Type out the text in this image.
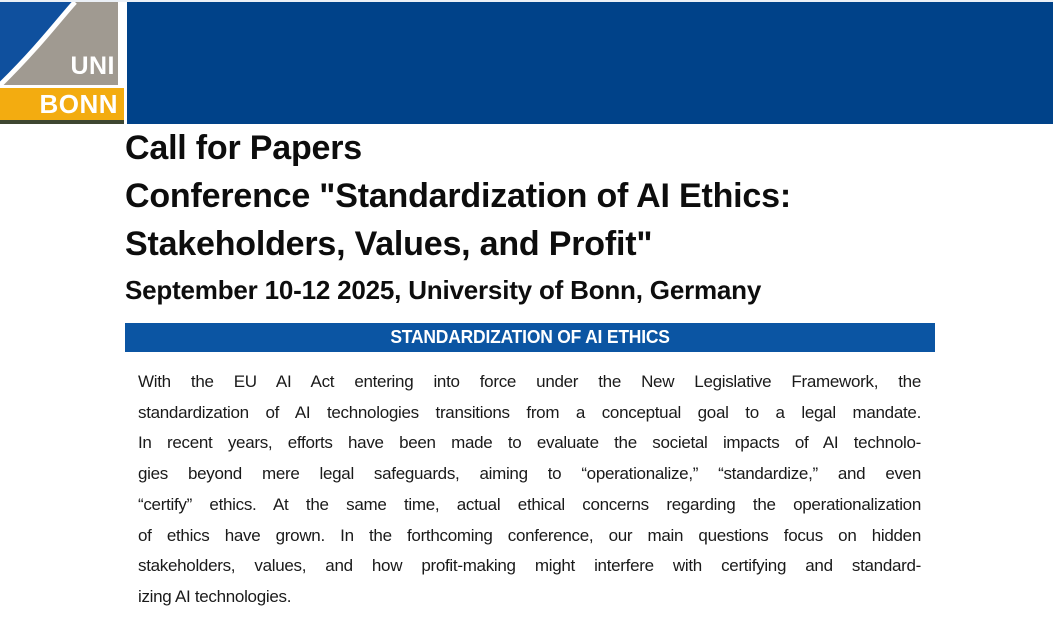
UNI
BONN
Call for Papers
Conference "Standardization of AI Ethics:
Stakeholders, Values, and Profit"
September 10-12 2025, University of Bonn, Germany
STANDARDIZATION OF AI ETHICS
With the EU AI Act entering into force under the New Legislative Framework, the
standardization of AI technologies transitions from a conceptual goal to a legal mandate.
In recent years, efforts have been made to evaluate the societal impacts of AI technolo-
gies beyond mere legal safeguards, aiming to “operationalize,” “standardize,” and even
“certify” ethics. At the same time, actual ethical concerns regarding the operationalization
of ethics have grown. In the forthcoming conference, our main questions focus on hidden
stakeholders, values, and how profit-making might interfere with certifying and standard-
izing AI technologies.
